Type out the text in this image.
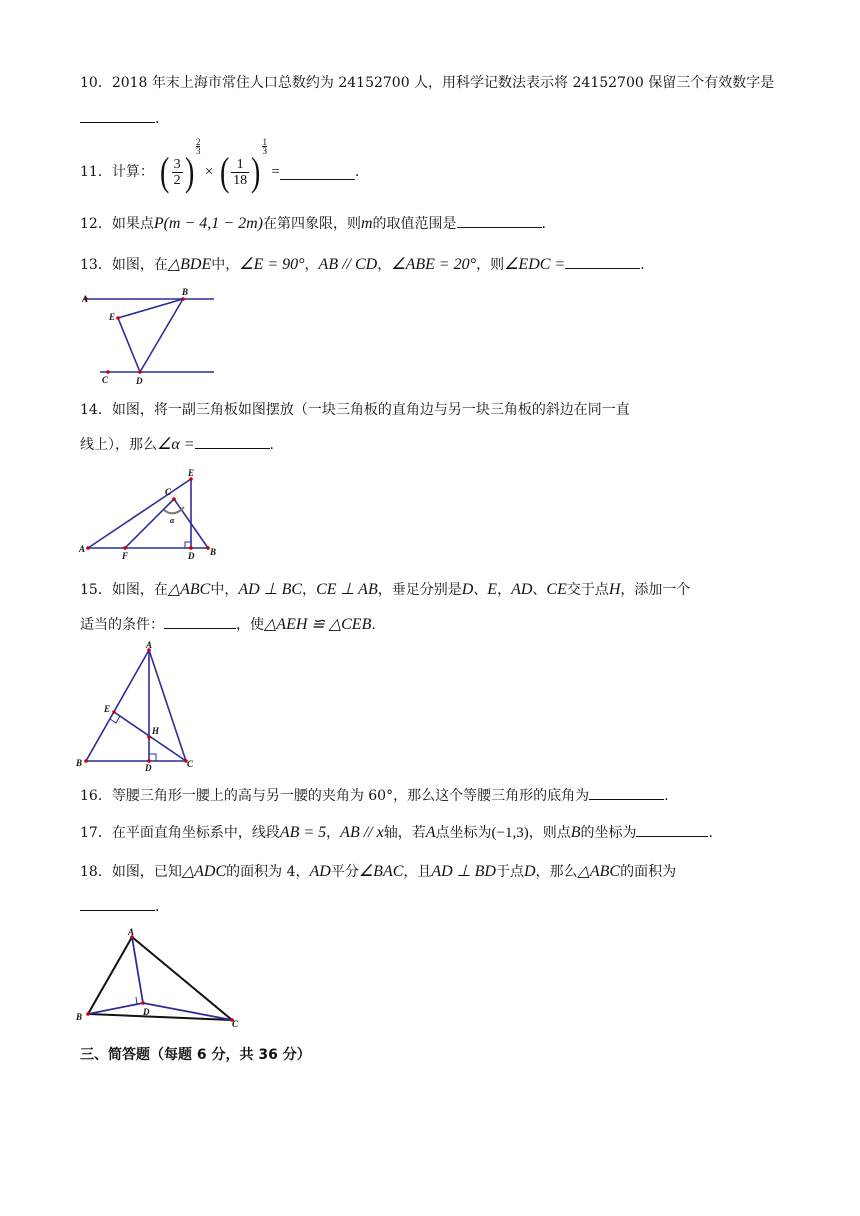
10．2018 年末上海市常住人口总数约为 24152700 人，用科学记数法表示将 24152700 保留三个有效数字是
.
11．计算： ( $\frac{3}{2}$ )
$\frac{2}{3}$ × ( $\frac{1}{18}$ )
$\frac{1}{3}$ =	.
12．如果点P(m − 4,1 − 2m)在第四象限，则m的取值范围是	.
13．如图，在△BDE中，∠E = 90°，AB // CD，∠ABE = 20°，则∠EDC =	.
A
B
E
C	D
14．如图，将一副三角板如图摆放（一块三角板的直角边与另一块三角板的斜边在同一直
线上），那么∠α =	.
A	B
C
D
E
F
α
15．如图，在△ABC中，AD ⊥ BC，CE ⊥ AB，垂足分别是D、E，AD、CE交于点H，添加一个
适当的条件：	，使△AEH ≌ △CEB.
A
B	C
D
E
H
16．等腰三角形一腰上的高与另一腰的夹角为 60°，那么这个等腰三角形的底角为	.
17．在平面直角坐标系中，线段AB = 5，AB // x轴，若A点坐标为(−1,3)，则点B的坐标为	.
18．如图，已知△ADC的面积为 4，AD平分∠BAC，且AD ⊥ BD于点D，那么△ABC的面积为
.
A
B
C
D
三、简答题（每题 6 分，共 36 分）
